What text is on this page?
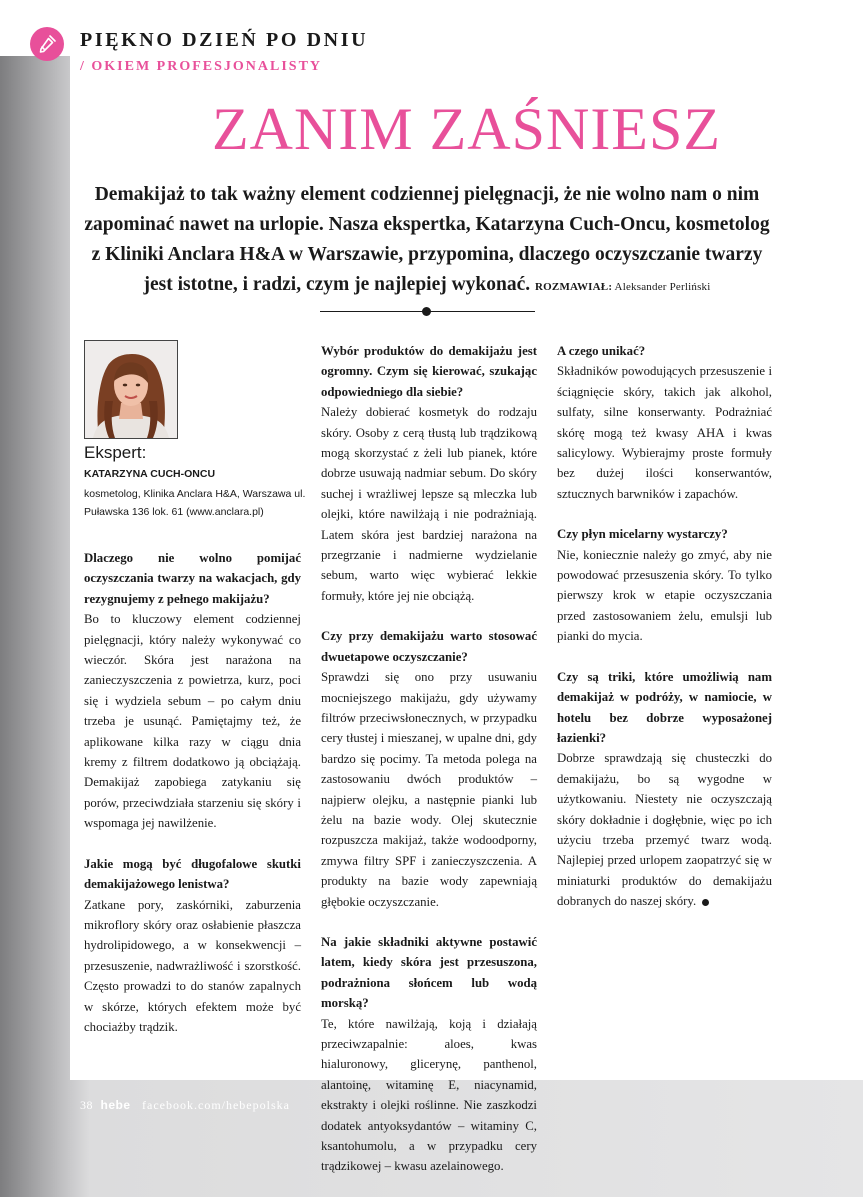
PIĘKNO DZIEŃ PO DNIU
/ OKIEM PROFESJONALISTY
ZANIM ZAŚNIESZ
Demakijaż to tak ważny element codziennej pielęgnacji, że nie wolno nam o nim zapominać nawet na urlopie. Nasza ekspertka, Katarzyna Cuch-Oncu, kosmetolog z Kliniki Anclara H&A w Warszawie, przypomina, dlaczego oczyszczanie twarzy jest istotne, i radzi, czym je najlepiej wykonać. ROZMAWIAŁ: Aleksander Perliński
Ekspert:
KATARZYNA CUCH-ONCU
kosmetolog, Klinika Anclara H&A, Warszawa ul. Puławska 136 lok. 61 (www.anclara.pl)

Dlaczego nie wolno pomijać oczyszczania twarzy na wakacjach, gdy rezygnujemy z pełnego makijażu?
Bo to kluczowy element codziennej pielęgnacji, który należy wykonywać co wieczór. Skóra jest narażona na zanieczyszczenia z powietrza, kurz, poci się i wydziela sebum – po całym dniu trzeba je usunąć. Pamiętajmy też, że aplikowane kilka razy w ciągu dnia kremy z filtrem dodatkowo ją obciążają. Demakijaż zapobiega zatykaniu się porów, przeciwdziała starzeniu się skóry i wspomaga jej nawilżenie.

Jakie mogą być długofalowe skutki demakijażowego lenistwa?
Zatkane pory, zaskórniki, zaburzenia mikroflory skóry oraz osłabienie płaszcza hydrolipidowego, a w konsekwencji – przesuszenie, nadwrażliwość i szorstkość. Często prowadzi to do stanów zapalnych w skórze, których efektem może być chociażby trądzik.

Wybór produktów do demakijażu jest ogromny. Czym się kierować, szukając odpowiedniego dla siebie?
Należy dobierać kosmetyk do rodzaju skóry. Osoby z cerą tłustą lub trądzikową mogą skorzystać z żeli lub pianek, które dobrze usuwają nadmiar sebum. Do skóry suchej i wrażliwej lepsze są mleczka lub olejki, które nawilżają i nie podrażniają. Latem skóra jest bardziej narażona na przegrzanie i nadmierne wydzielanie sebum, warto więc wybierać lekkie formuły, które jej nie obciążą.

Czy przy demakijażu warto stosować dwuetapowe oczyszczanie?
Sprawdzi się ono przy usuwaniu mocniejszego makijażu, gdy używamy filtrów przeciwsłonecznych, w przypadku cery tłustej i mieszanej, w upalne dni, gdy bardzo się pocimy. Ta metoda polega na zastosowaniu dwóch produktów – najpierw olejku, a następnie pianki lub żelu na bazie wody. Olej skutecznie rozpuszcza makijaż, także wodoodporny, zmywa filtry SPF i zanieczyszczenia. A produkty na bazie wody zapewniają głębokie oczyszczanie.

Na jakie składniki aktywne postawić latem, kiedy skóra jest przesuszona, podrażniona słońcem lub wodą morską?
Te, które nawilżają, koją i działają przeciwzapalnie: aloes, kwas hialuronowy, glicerynę, panthenol, alantoinę, witaminę E, niacynamid, ekstrakty i olejki roślinne. Nie zaszkodzi dodatek antyoksydantów – witaminy C, ksantohumolu, a w przypadku cery trądzikowej – kwasu azelainowego.

A czego unikać?
Składników powodujących przesuszenie i ściągnięcie skóry, takich jak alkohol, sulfaty, silne konserwanty. Podrażniać skórę mogą też kwasy AHA i kwas salicylowy. Wybierajmy proste formuły bez dużej ilości konserwantów, sztucznych barwników i zapachów.

Czy płyn micelarny wystarczy?
Nie, koniecznie należy go zmyć, aby nie powodować przesuszenia skóry. To tylko pierwszy krok w etapie oczyszczania przed zastosowaniem żelu, emulsji lub pianki do mycia.

Czy są triki, które umożliwią nam demakijaż w podróży, w namiocie, w hotelu bez dobrze wyposażonej łazienki?
Dobrze sprawdzają się chusteczki do demakijażu, bo są wygodne w użytkowaniu. Niestety nie oczyszczają skóry dokładnie i dogłębnie, więc po ich użyciu trzeba przemyć twarz wodą. Najlepiej przed urlopem zaopatrzyć się w miniaturki produktów do demakijażu dobranych do naszej skóry.

38 hebe facebook.com/hebepolska
